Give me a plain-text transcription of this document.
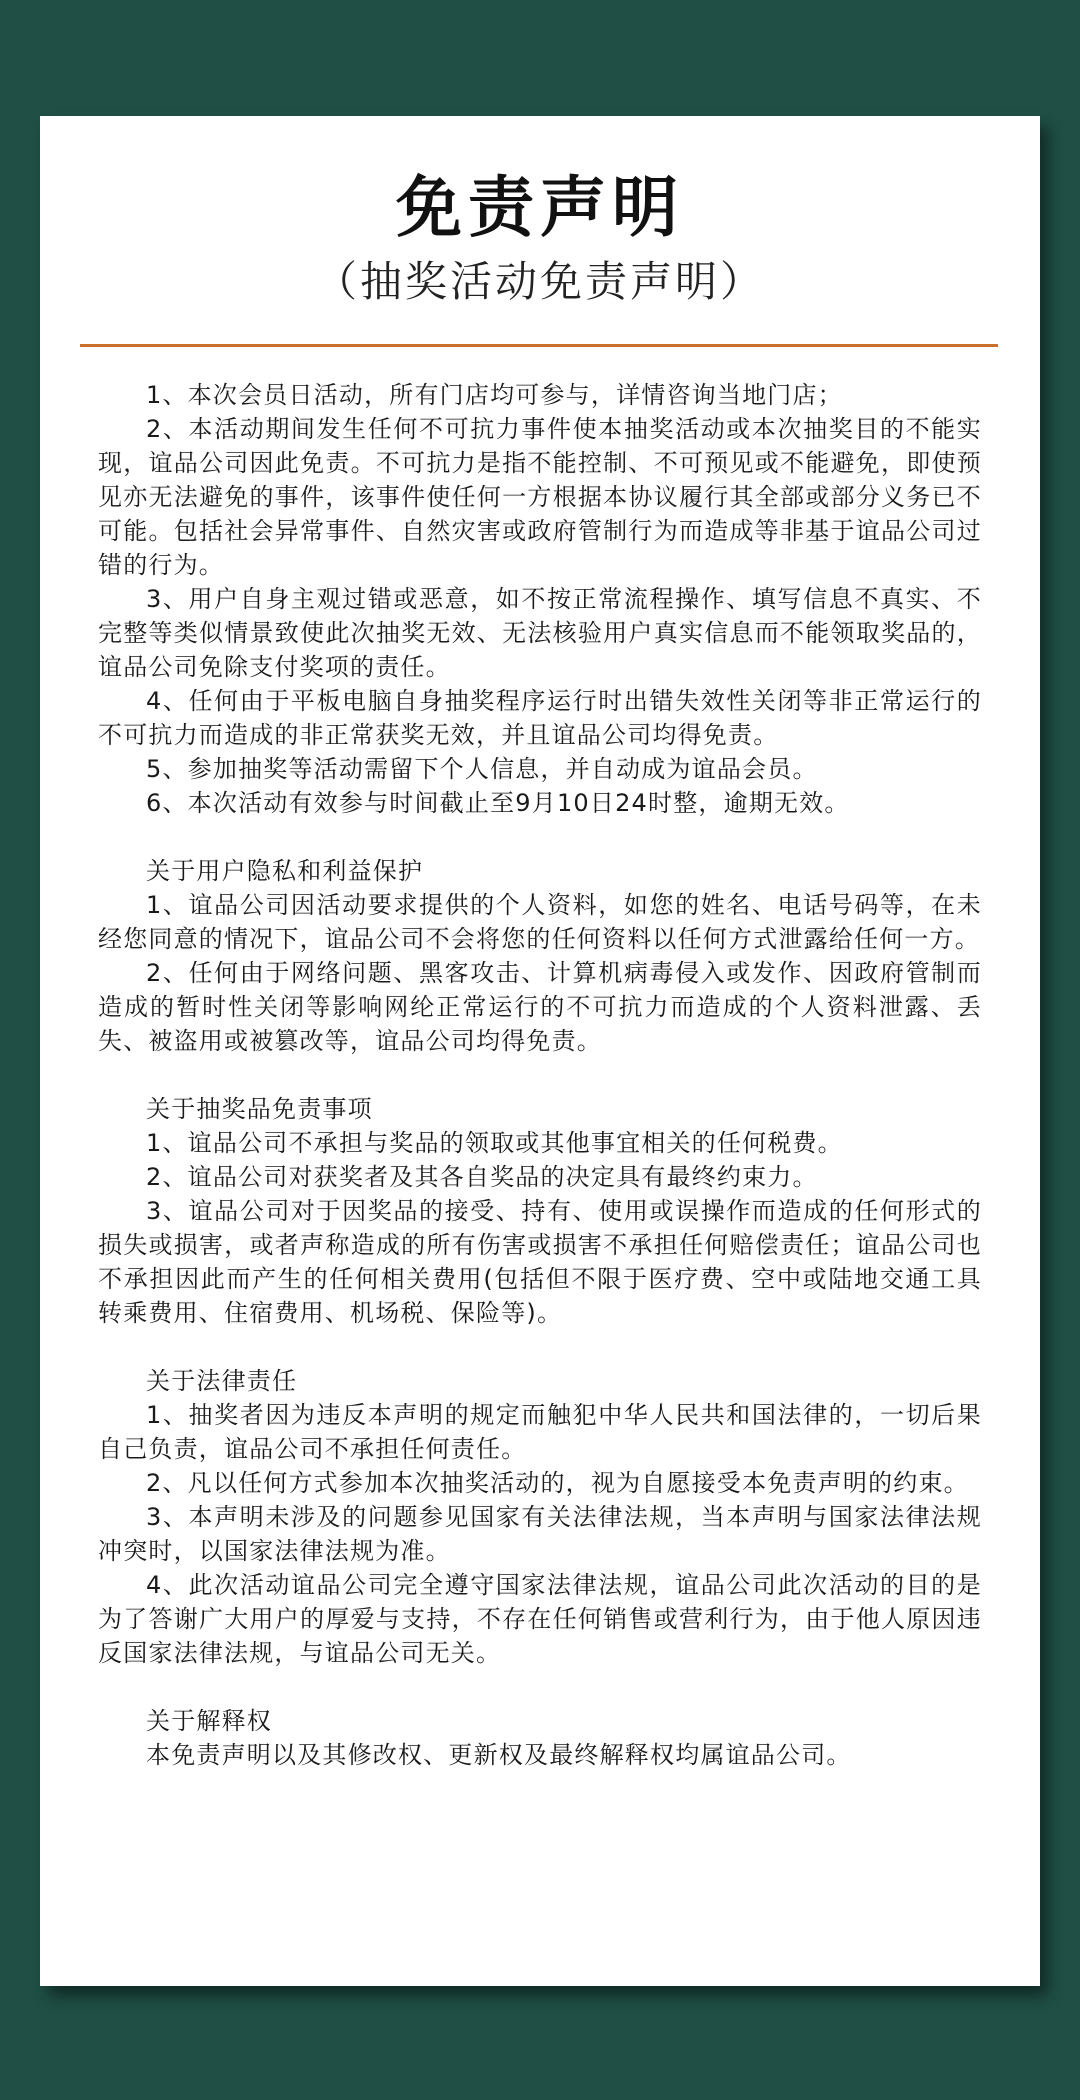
免责声明
（抽奖活动免责声明）

1、本次会员日活动，所有门店均可参与，详情咨询当地门店；

2、本活动期间发生任何不可抗力事件使本抽奖活动或本次抽奖目的不能实现，谊品公司因此免责。不可抗力是指不能控制、不可预见或不能避免，即使预见亦无法避免的事件，该事件使任何一方根据本协议履行其全部或部分义务已不可能。包括社会异常事件、自然灾害或政府管制行为而造成等非基于谊品公司过错的行为。

3、用户自身主观过错或恶意，如不按正常流程操作、填写信息不真实、不完整等类似情景致使此次抽奖无效、无法核验用户真实信息而不能领取奖品的，谊品公司免除支付奖项的责任。

4、任何由于平板电脑自身抽奖程序运行时出错失效性关闭等非正常运行的不可抗力而造成的非正常获奖无效，并且谊品公司均得免责。

5、参加抽奖等活动需留下个人信息，并自动成为谊品会员。

6、本次活动有效参与时间截止至9月10日24时整，逾期无效。

关于用户隐私和利益保护

1、谊品公司因活动要求提供的个人资料，如您的姓名、电话号码等，在未经您同意的情况下，谊品公司不会将您的任何资料以任何方式泄露给任何一方。

2、任何由于网络问题、黑客攻击、计算机病毒侵入或发作、因政府管制而造成的暂时性关闭等影响网纶正常运行的不可抗力而造成的个人资料泄露、丢失、被盗用或被篡改等，谊品公司均得免责。

关于抽奖品免责事项

1、谊品公司不承担与奖品的领取或其他事宜相关的任何税费。

2、谊品公司对获奖者及其各自奖品的决定具有最终约束力。

3、谊品公司对于因奖品的接受、持有、使用或误操作而造成的任何形式的损失或损害，或者声称造成的所有伤害或损害不承担任何赔偿责任；谊品公司也不承担因此而产生的任何相关费用(包括但不限于医疗费、空中或陆地交通工具转乘费用、住宿费用、机场税、保险等)。

关于法律责任

1、抽奖者因为违反本声明的规定而触犯中华人民共和国法律的，一切后果自己负责，谊品公司不承担任何责任。

2、凡以任何方式参加本次抽奖活动的，视为自愿接受本免责声明的约束。

3、本声明未涉及的问题参见国家有关法律法规，当本声明与国家法律法规冲突时，以国家法律法规为准。

4、此次活动谊品公司完全遵守国家法律法规，谊品公司此次活动的目的是为了答谢广大用户的厚爱与支持，不存在任何销售或营利行为，由于他人原因违反国家法律法规，与谊品公司无关。

关于解释权

本免责声明以及其修改权、更新权及最终解释权均属谊品公司。
